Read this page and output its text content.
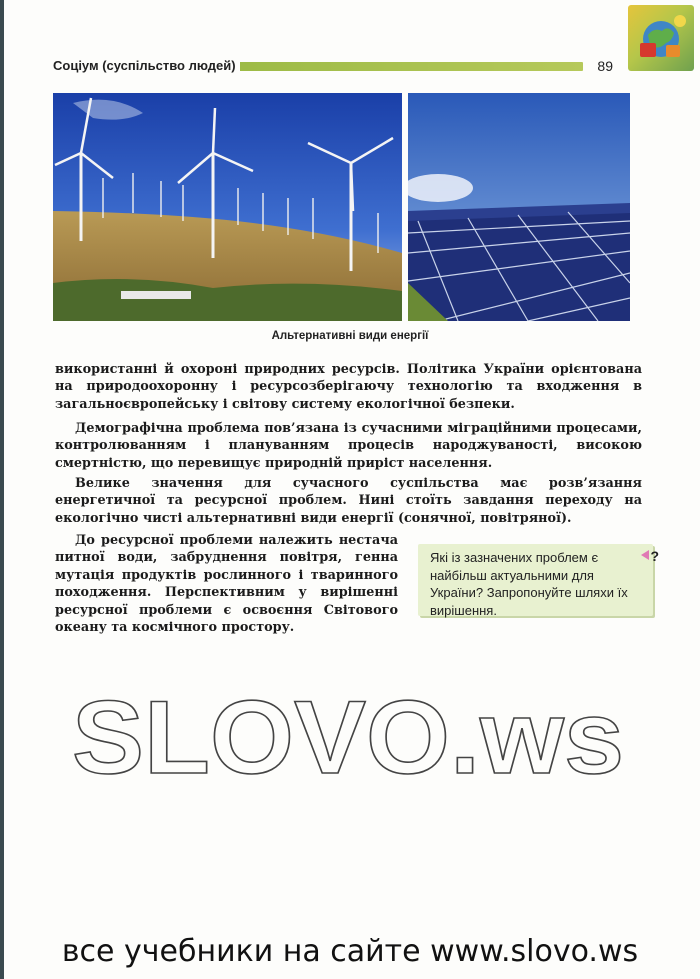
Соціум (суспільство людей)	89
Альтернативні види енергії

використанні й охороні природних ресурсів. Політика України орієнтована на природоохоронну і ресурсозберігаючу технологію та входження в загальноєвропейську і світову систему екологічної безпеки.

Демографічна проблема пов’язана із сучасними міграційними процесами, контролюванням і плануванням процесів народжуваності, високою смертністю, що перевищує природній приріст населення.

Велике значення для сучасного суспільства має розв’язання енергетичної та ресурсної проблем. Нині стоїть завдання переходу на екологічно чисті альтернативні види енергії (сонячної, повітряної).

До ресурсної проблеми належить нестача питної води, забруднення повітря, генна мутація продуктів рослинного і тваринного походження. Перспективним у вирішенні ресурсної проблеми є освоєння Світового океану та космічного простору.

?
Які із зазначених проблем є найбільш актуальними для України? Запропонуйте шляхи їх вирішення.
SLOVO.ws
все учебники на сайте www.slovo.ws
